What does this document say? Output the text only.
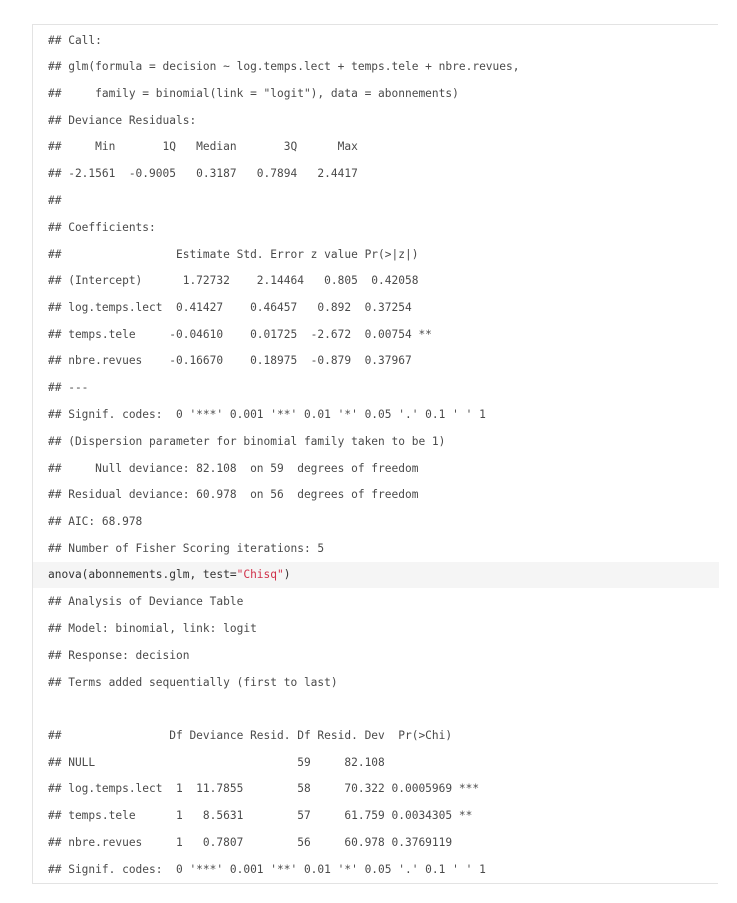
## Call:
## glm(formula = decision ~ log.temps.lect + temps.tele + nbre.revues,
##     family = binomial(link = "logit"), data = abonnements)
## Deviance Residuals:
##     Min       1Q   Median       3Q      Max
## -2.1561  -0.9005   0.3187   0.7894   2.4417
##
## Coefficients:
##                 Estimate Std. Error z value Pr(>|z|)
## (Intercept)      1.72732    2.14464   0.805  0.42058
## log.temps.lect  0.41427    0.46457   0.892  0.37254
## temps.tele     -0.04610    0.01725  -2.672  0.00754 **
## nbre.revues    -0.16670    0.18975  -0.879  0.37967
## ---
## Signif. codes:  0 '***' 0.001 '**' 0.01 '*' 0.05 '.' 0.1 ' ' 1
## (Dispersion parameter for binomial family taken to be 1)
##     Null deviance: 82.108  on 59  degrees of freedom
## Residual deviance: 60.978  on 56  degrees of freedom
## AIC: 68.978
## Number of Fisher Scoring iterations: 5
anova(abonnements.glm, test="Chisq")
## Analysis of Deviance Table
## Model: binomial, link: logit
## Response: decision
## Terms added sequentially (first to last)
##                Df Deviance Resid. Df Resid. Dev  Pr(>Chi)
## NULL                              59     82.108
## log.temps.lect  1  11.7855        58     70.322 0.0005969 ***
## temps.tele      1   8.5631        57     61.759 0.0034305 **
## nbre.revues     1   0.7807        56     60.978 0.3769119
## Signif. codes:  0 '***' 0.001 '**' 0.01 '*' 0.05 '.' 0.1 ' ' 1
